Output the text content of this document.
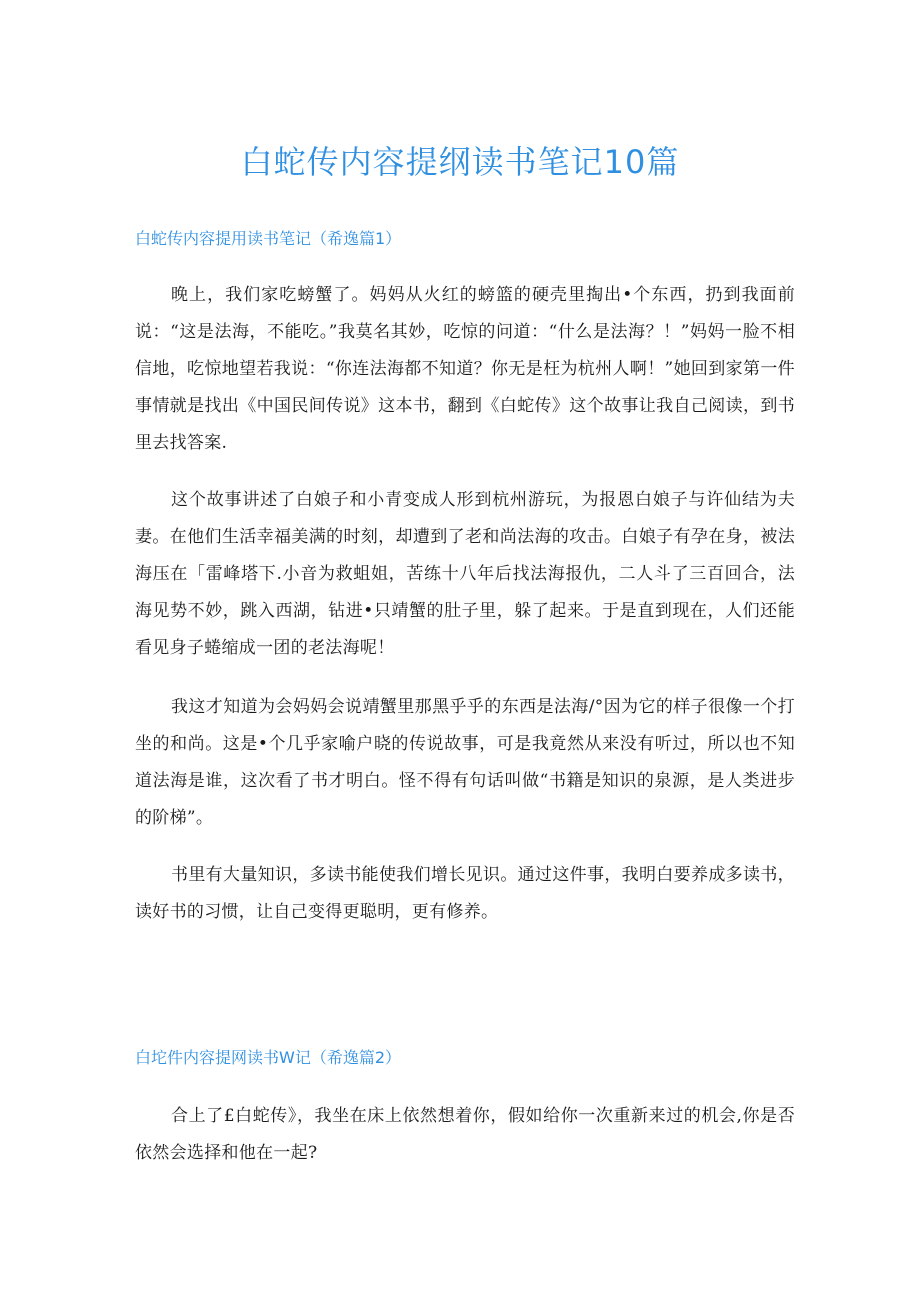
白蛇传内容提纲读书笔记10篇
白蛇传内容提用读书笔记（希逸篇1）

晚上，我们家吃螃蟹了。妈妈从火红的螃篮的硬壳里掏出•个东西，扔到我面前说：“这是法海，不能吃。”我莫名其妙，吃惊的问道：“什么是法海？！”妈妈一脸不相信地，吃惊地望若我说：“你连法海都不知道？你无是枉为杭州人啊！”她回到家第一件事情就是找出《中国民间传说》这本书，翻到《白蛇传》这个故事让我自己阅读，到书里去找答案.

这个故事讲述了白娘子和小青变成人形到杭州游玩，为报恩白娘子与许仙结为夫妻。在他们生活幸福美满的时刻，却遭到了老和尚法海的攻击。白娘子有孕在身，被法海压在「雷峰塔下.小音为救蛆姐，苦练十八年后找法海报仇，二人斗了三百回合，法海见势不妙，跳入西湖，钻进•只靖蟹的肚子里，躲了起来。于是直到现在，人们还能看见身子蜷缩成一团的老法海呢！

我这才知道为会妈妈会说靖蟹里那黑乎乎的东西是法海/°因为它的样子很像一个打坐的和尚。这是•个几乎家喻户晓的传说故事，可是我竟然从来没有听过，所以也不知道法海是谁，这次看了书才明白。怪不得有句话叫做“书籍是知识的泉源，是人类进步的阶梯”。

书里有大量知识，多读书能使我们增长见识。通过这件事，我明白要养成多读书，读好书的习惯，让自己变得更聪明，更有修养。

白坨件内容提网读书W记（希逸篇2）

合上了£白蛇传》，我坐在床上依然想着你，假如给你一次重新来过的机会,你是否依然会选择和他在一起?
